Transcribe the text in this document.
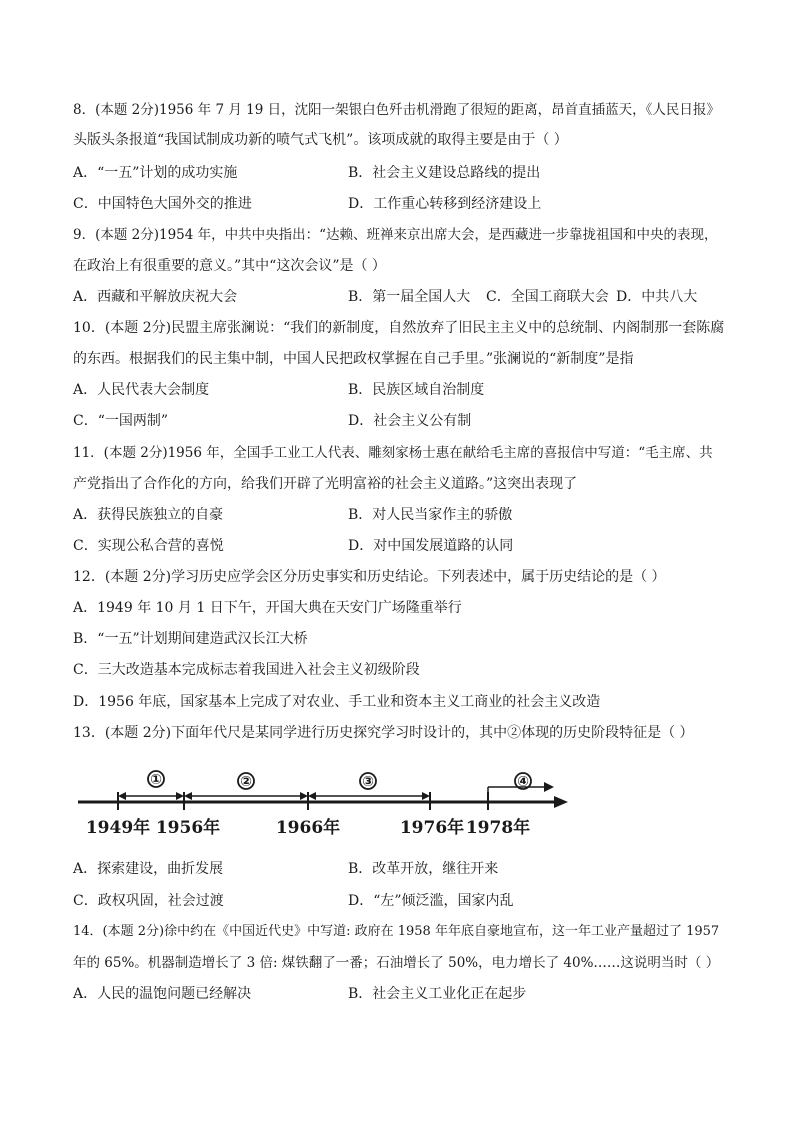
8．(本题 2分)1956 年 7 月 19 日，沈阳一架银白色歼击机滑跑了很短的距离，昂首直插蓝天，《人民日报》
头版头条报道“我国试制成功新的喷气式飞机”。该项成就的取得主要是由于（ ）
A．“一五”计划的成功实施	B．社会主义建设总路线的提出
C．中国特色大国外交的推进	D．工作重心转移到经济建设上
9．(本题 2分)1954 年，中共中央指出：“达赖、班禅来京出席大会，是西藏进一步靠拢祖国和中央的表现，
在政治上有很重要的意义。”其中“这次会议”是（ ）
A．西藏和平解放庆祝大会	B．第一届全国人大 C．全国工商联大会 D．中共八大
10．(本题 2分)民盟主席张澜说：“我们的新制度，自然放弃了旧民主主义中的总统制、内阁制那一套陈腐
的东西。根据我们的民主集中制，中国人民把政权掌握在自己手里。”张澜说的“新制度”是指
A．人民代表大会制度	B．民族区域自治制度
C．“一国两制”	D．社会主义公有制
11．(本题 2分)1956 年，全国手工业工人代表、雕刻家杨士惠在献给毛主席的喜报信中写道：“毛主席、共
产党指出了合作化的方向，给我们开辟了光明富裕的社会主义道路。”这突出表现了
A．获得民族独立的自豪	B．对人民当家作主的骄傲
C．实现公私合营的喜悦	D．对中国发展道路的认同
12．(本题 2分)学习历史应学会区分历史事实和历史结论。下列表述中，属于历史结论的是（ ）
A．1949 年 10 月 1 日下午，开国大典在天安门广场隆重举行
B．“一五”计划期间建造武汉长江大桥
C．三大改造基本完成标志着我国进入社会主义初级阶段
D．1956 年底，国家基本上完成了对农业、手工业和资本主义工商业的社会主义改造
13．(本题 2分)下面年代尺是某同学进行历史探究学习时设计的，其中②体现的历史阶段特征是（ ）
①	②	③	④
1949年 1956年	1966年	1976年 1978年
A．探索建设，曲折发展	B．改革开放，继往开来
C．政权巩固，社会过渡	D．“左”倾泛滥，国家内乱
14．(本题 2分)徐中约在《中国近代史》中写道: 政府在 1958 年年底自豪地宣布，这一年工业产量超过了 1957
年的 65%。机器制造增长了 3 倍: 煤铁翻了一番；石油增长了 50%，电力增长了 40%……这说明当时（ ）
A．人民的温饱问题已经解决	B．社会主义工业化正在起步
